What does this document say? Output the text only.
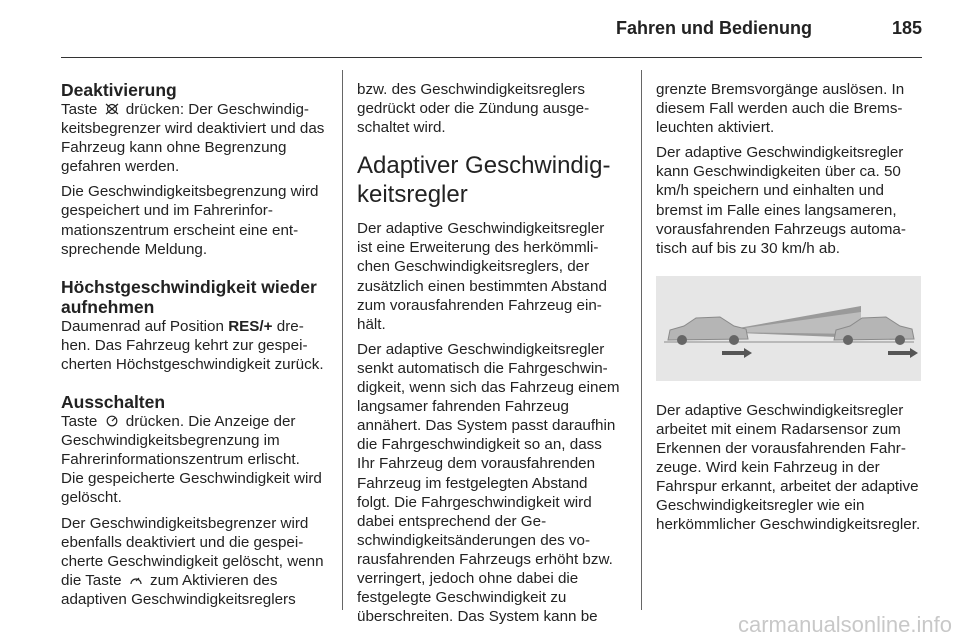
Fahren und Bedienung	185
Deaktivierung

Taste drücken: Der Geschwindigkeitsbegrenzer wird deaktiviert und das Fahrzeug kann ohne Begrenzung gefahren werden.

Die Geschwindigkeitsbegrenzung wird gespeichert und im Fahrerinformationszentrum erscheint eine entsprechende Meldung.

Höchstgeschwindigkeit wieder aufnehmen

Daumenrad auf Position RES/+ drehen. Das Fahrzeug kehrt zur gespeicherten Höchstgeschwindigkeit zurück.

Ausschalten

Taste drücken. Die Anzeige der Geschwindigkeitsbegrenzung im Fahrerinformationszentrum erlischt. Die gespeicherte Geschwindigkeit wird gelöscht.

Der Geschwindigkeitsbegrenzer wird ebenfalls deaktiviert und die gespeicherte Geschwindigkeit gelöscht, wenn die Taste zum Aktivieren des adaptiven Geschwindigkeitsreglers

bzw. des Geschwindigkeitsreglers gedrückt oder die Zündung ausgeschaltet wird.

Adaptiver Geschwindigkeitsregler

Der adaptive Geschwindigkeitsregler ist eine Erweiterung des herkömmlichen Geschwindigkeitsreglers, der zusätzlich einen bestimmten Abstand zum vorausfahrenden Fahrzeug einhält.

Der adaptive Geschwindigkeitsregler senkt automatisch die Fahrgeschwindigkeit, wenn sich das Fahrzeug einem langsamer fahrenden Fahrzeug annähert. Das System passt daraufhin die Fahrgeschwindigkeit so an, dass Ihr Fahrzeug dem vorausfahrenden Fahrzeug im festgelegten Abstand folgt. Die Fahrgeschwindigkeit wird dabei entsprechend der Geschwindigkeitsänderungen des vorausfahrenden Fahrzeugs erhöht bzw. verringert, jedoch ohne dabei die festgelegte Geschwindigkeit zu überschreiten. Das System kann be

grenzte Bremsvorgänge auslösen. In diesem Fall werden auch die Bremsleuchten aktiviert.

Der adaptive Geschwindigkeitsregler kann Geschwindigkeiten über ca. 50 km/h speichern und einhalten und bremst im Falle eines langsameren, vorausfahrenden Fahrzeugs automatisch auf bis zu 30 km/h ab.

Der adaptive Geschwindigkeitsregler arbeitet mit einem Radarsensor zum Erkennen der vorausfahrenden Fahrzeuge. Wird kein Fahrzeug in der Fahrspur erkannt, arbeitet der adaptive Geschwindigkeitsregler wie ein herkömmlicher Geschwindigkeitsregler.

carmanualsonline.info
